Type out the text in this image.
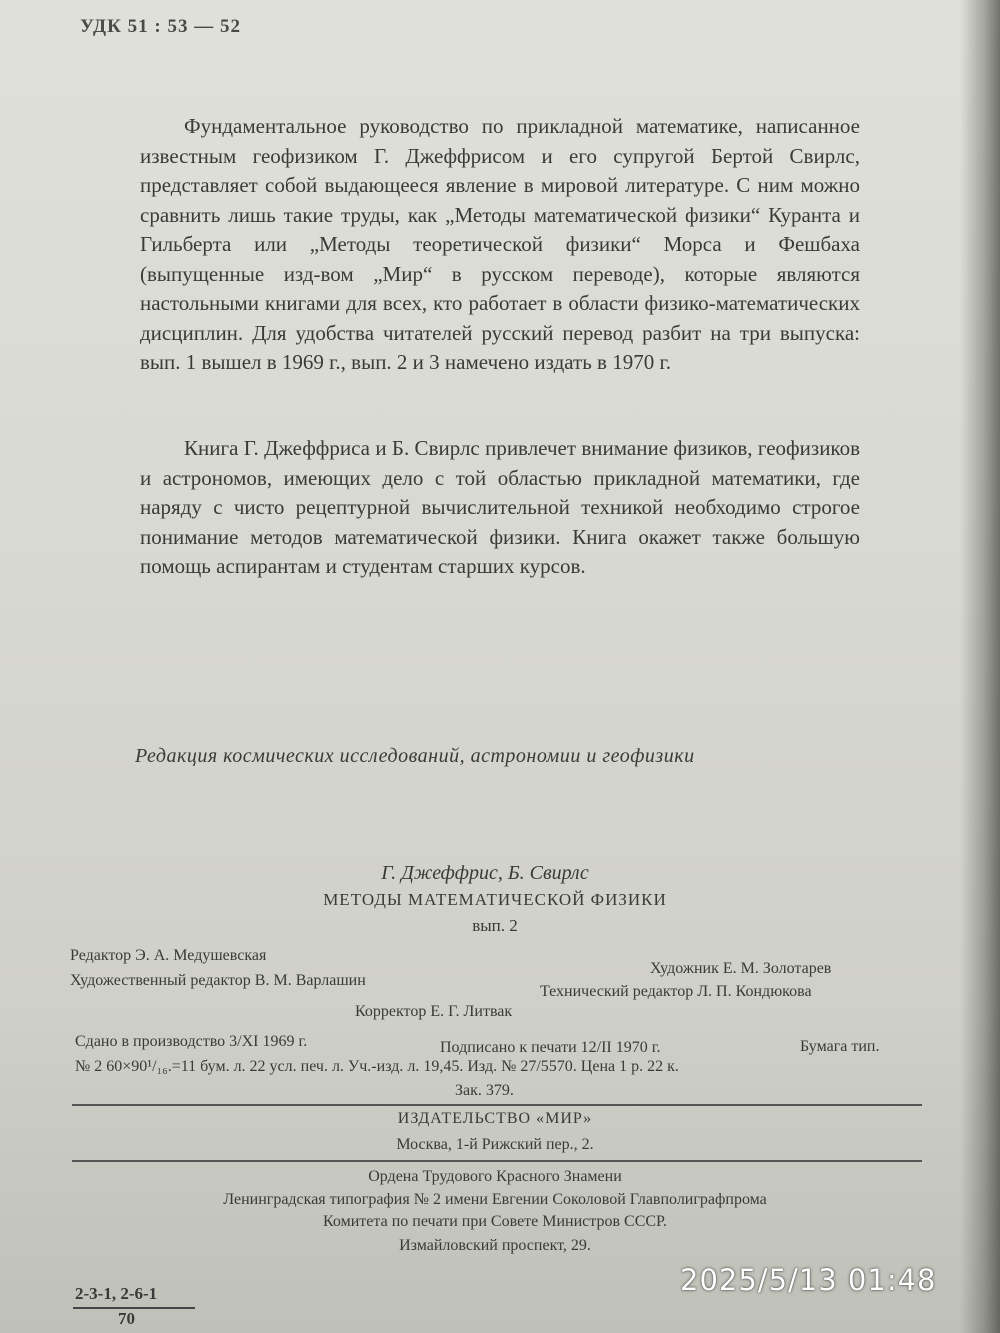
УДК 51 : 53 — 52

Фундаментальное руководство по прикладной математике, написанное известным геофизиком Г. Джеффрисом и его супругой Бертой Свирлс, представляет собой выдающееся явление в мировой литературе. С ним можно сравнить лишь такие труды, как „Методы математической физики“ Куранта и Гильберта или „Методы теоретической физики“ Морса и Фешбаха (выпущенные изд-вом „Мир“ в русском переводе), которые являются настольными книгами для всех, кто работает в области физико-математических дисциплин. Для удобства читателей русский перевод разбит на три выпуска: вып. 1 вышел в 1969 г., вып. 2 и 3 намечено издать в 1970 г.

Книга Г. Джеффриса и Б. Свирлс привлечет внимание физиков, геофизиков и астрономов, имеющих дело с той областью прикладной математики, где наряду с чисто рецептурной вычислительной техникой необходимо строгое понимание методов математической физики. Книга окажет также большую помощь аспирантам и студентам старших курсов.

Редакция космических исследований, астрономии и геофизики
Г. Джеффрис, Б. Свирлс
МЕТОДЫ МАТЕМАТИЧЕСКОЙ ФИЗИКИ
вып. 2
Редактор Э. А. Медушевская
Художник Е. М. Золотарев
Художественный редактор В. М. Варлашин
Технический редактор Л. П. Кондюкова
Корректор Е. Г. Литвак
Сдано в производство 3/XI 1969 г.	Подписано к печати 12/II 1970 г.	Бумага тип.
№ 2 60×90¹/₁₆.=11 бум. л. 22 усл. печ. л. Уч.-изд. л. 19,45. Изд. № 27/5570. Цена 1 р. 22 к.
Зак. 379.
ИЗДАТЕЛЬСТВО «МИР»
Москва, 1-й Рижский пер., 2.
Ордена Трудового Красного Знамени
Ленинградская типография № 2 имени Евгении Соколовой Главполиграфпрома
Комитета по печати при Совете Министров СССР.
Измайловский проспект, 29.
2-3-1, 2-6-1
70
2025/5/13 01:48
